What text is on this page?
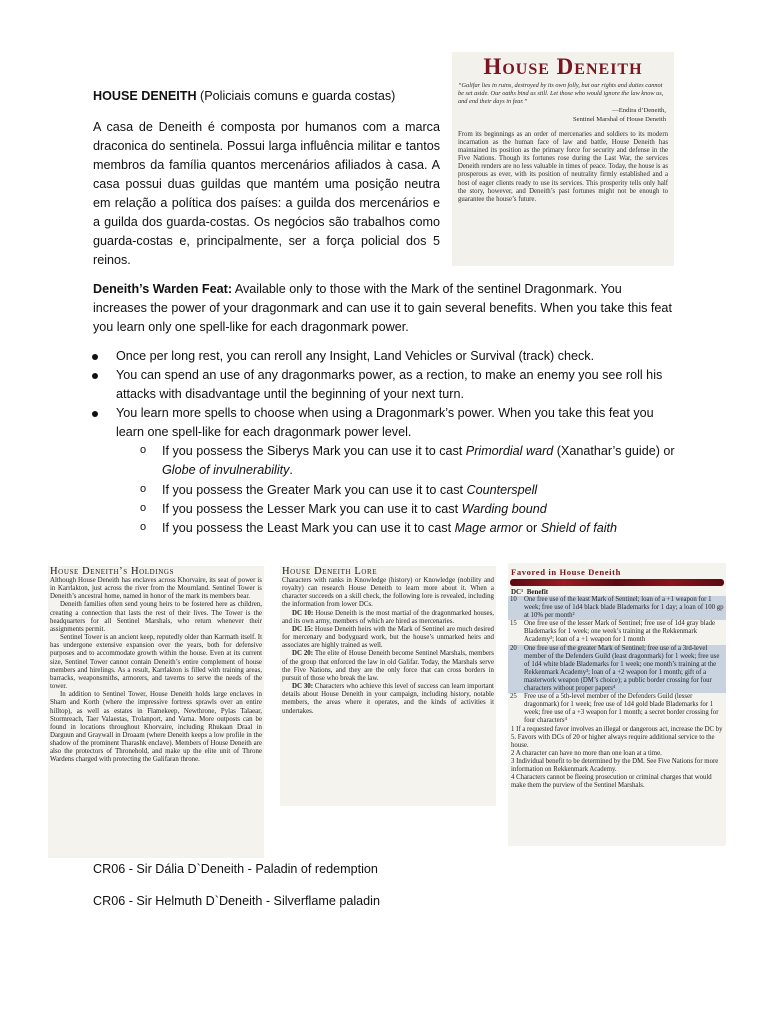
House Deneith
“Galifar lies in ruins, destroyed by its own folly, but our rights and duties cannot be set aside. Our oaths bind us still. Let those who would ignore the law know us, and end their days in fear.”
—Endira d’Deneith,
Sentinel Marshal of House Deneith
From its beginnings as an order of mercenaries and soldiers to its modern incarnation as the human face of law and battle, House Deneith has maintained its position as the primary force for security and defense in the Five Nations. Though its fortunes rose during the Last War, the services Deneith renders are no less valuable in times of peace. Today, the house is as prosperous as ever, with its position of neutrality firmly established and a host of eager clients ready to use its services. This prosperity tells only half the story, however, and Deneith’s past fortunes might not be enough to guarantee the house’s future.
HOUSE DENEITH (Policiais comuns e guarda costas)
A casa de Deneith é composta por humanos com a marca draconica do sentinela. Possui larga influência militar e tantos membros da família quantos mercenários afiliados à casa. A casa possui duas guildas que mantém uma posição neutra em relação a política dos países: a guilda dos mercenários e a guilda dos guarda-costas. Os negócios são trabalhos como guarda-costas e, principalmente, ser a força policial dos 5 reinos.
Deneith’s Warden Feat: Available only to those with the Mark of the sentinel Dragonmark. You increases the power of your dragonmark and can use it to gain several benefits. When you take this feat you learn only one spell-like for each dragonmark power.
Once per long rest, you can reroll any Insight, Land Vehicles or Survival (track) check.
You can spend an use of any dragonmarks power, as a rection, to make an enemy you see roll his attacks with disadvantage until the beginning of your next turn.
You learn more spells to choose when using a Dragonmark’s power. When you take this feat you learn one spell-like for each dragonmark power level.
o If you possess the Siberys Mark you can use it to cast Primordial ward (Xanathar’s guide) or Globe of invulnerability.
o If you possess the Greater Mark you can use it to cast Counterspell
o If you possess the Lesser Mark you can use it to cast Warding bound
o If you possess the Least Mark you can use it to cast Mage armor or Shield of faith
House Deneith’s Holdings
Although House Deneith has enclaves across Khorvaire, its seat of power is in Karrlakton, just across the river from the Mournland. Sentinel Tower is Deneith’s ancestral home, named in honor of the mark its members bear.
Deneith families often send young heirs to be fostered here as children, creating a connection that lasts the rest of their lives. The Tower is the headquarters for all Sentinel Marshals, who return whenever their assignments permit.
Sentinel Tower is an ancient keep, reputedly older than Karrnath itself. It has undergone extensive expansion over the years, both for defensive purposes and to accommodate growth within the house. Even at its current size, Sentinel Tower cannot contain Deneith’s entire complement of house members and hirelings. As a result, Karrlakton is filled with training areas, barracks, weaponsmiths, armorers, and taverns to serve the needs of the tower.
In addition to Sentinel Tower, House Deneith holds large enclaves in Sharn and Korth (where the impressive fortress sprawls over an entire hilltop), as well as estates in Flamekeep, Newthrone, Pylas Talaear, Stormreach, Taer Valaestas, Trolanport, and Varna. More outposts can be found in locations throughout Khorvaire, including Rhukaan Draal in Darguun and Graywall in Droaam (where Deneith keeps a low profile in the shadow of the prominent Tharashk enclave). Members of House Deneith are also the protectors of Thronehold, and make up the elite unit of Throne Wardens charged with protecting the Galifaran throne.
House Deneith Lore
Characters with ranks in Knowledge (history) or Knowledge (nobility and royalty) can research House Deneith to learn more about it. When a character succeeds on a skill check, the following lore is revealed, including the information from lower DCs.
DC 10: House Deneith is the most martial of the dragonmarked houses, and its own army, members of which are hired as mercenaries.
DC 15: House Deneith heirs with the Mark of Sentinel are much desired for mercenary and bodyguard work, but the house’s unmarked heirs and associates are highly trained as well.
DC 20: The elite of House Deneith become Sentinel Marshals, members of the group that enforced the law in old Galifar. Today, the Marshals serve the Five Nations, and they are the only force that can cross borders in pursuit of those who break the law.
DC 30: Characters who achieve this level of success can learn important details about House Deneith in your campaign, including history, notable members, the areas where it operates, and the kinds of activities it undertakes.
Favored in House Deneith
DC¹ Benefit
10	One free use of the least Mark of Sentinel; loan of a +1 weapon for 1 week; free use of 1d4 black blade Blademarks for 1 day; a loan of 100 gp at 10% per month²
15	One free use of the lesser Mark of Sentinel; free use of 1d4 gray blade Blademarks for 1 week; one week’s training at the Rekkenmark Academy³; loan of a +1 weapon for 1 month
20	One free use of the greater Mark of Sentinel; free use of a 3rd-level member of the Defenders Guild (least dragonmark) for 1 week; free use of 1d4 white blade Blademarks for 1 week; one month’s training at the Rekkenmark Academy³; loan of a +2 weapon for 1 month; gift of a masterwork weapon (DM’s choice); a public border crossing for four characters without proper papers⁴
25	Free use of a 5th-level member of the Defenders Guild (lesser dragonmark) for 1 week; free use of 1d4 gold blade Blademarks for 1 week; free use of a +3 weapon for 1 month; a secret border crossing for four characters⁴
1 If a requested favor involves an illegal or dangerous act, increase the DC by 5. Favors with DCs of 20 or higher always require additional service to the house.
2 A character can have no more than one loan at a time.
3 Individual benefit to be determined by the DM. See Five Nations for more information on Rekkenmark Academy.
4 Characters cannot be fleeing prosecution or criminal charges that would make them the purview of the Sentinel Marshals.
CR06 - Sir Dália D`Deneith - Paladin of redemption
CR06 - Sir Helmuth D`Deneith - Silverflame paladin
